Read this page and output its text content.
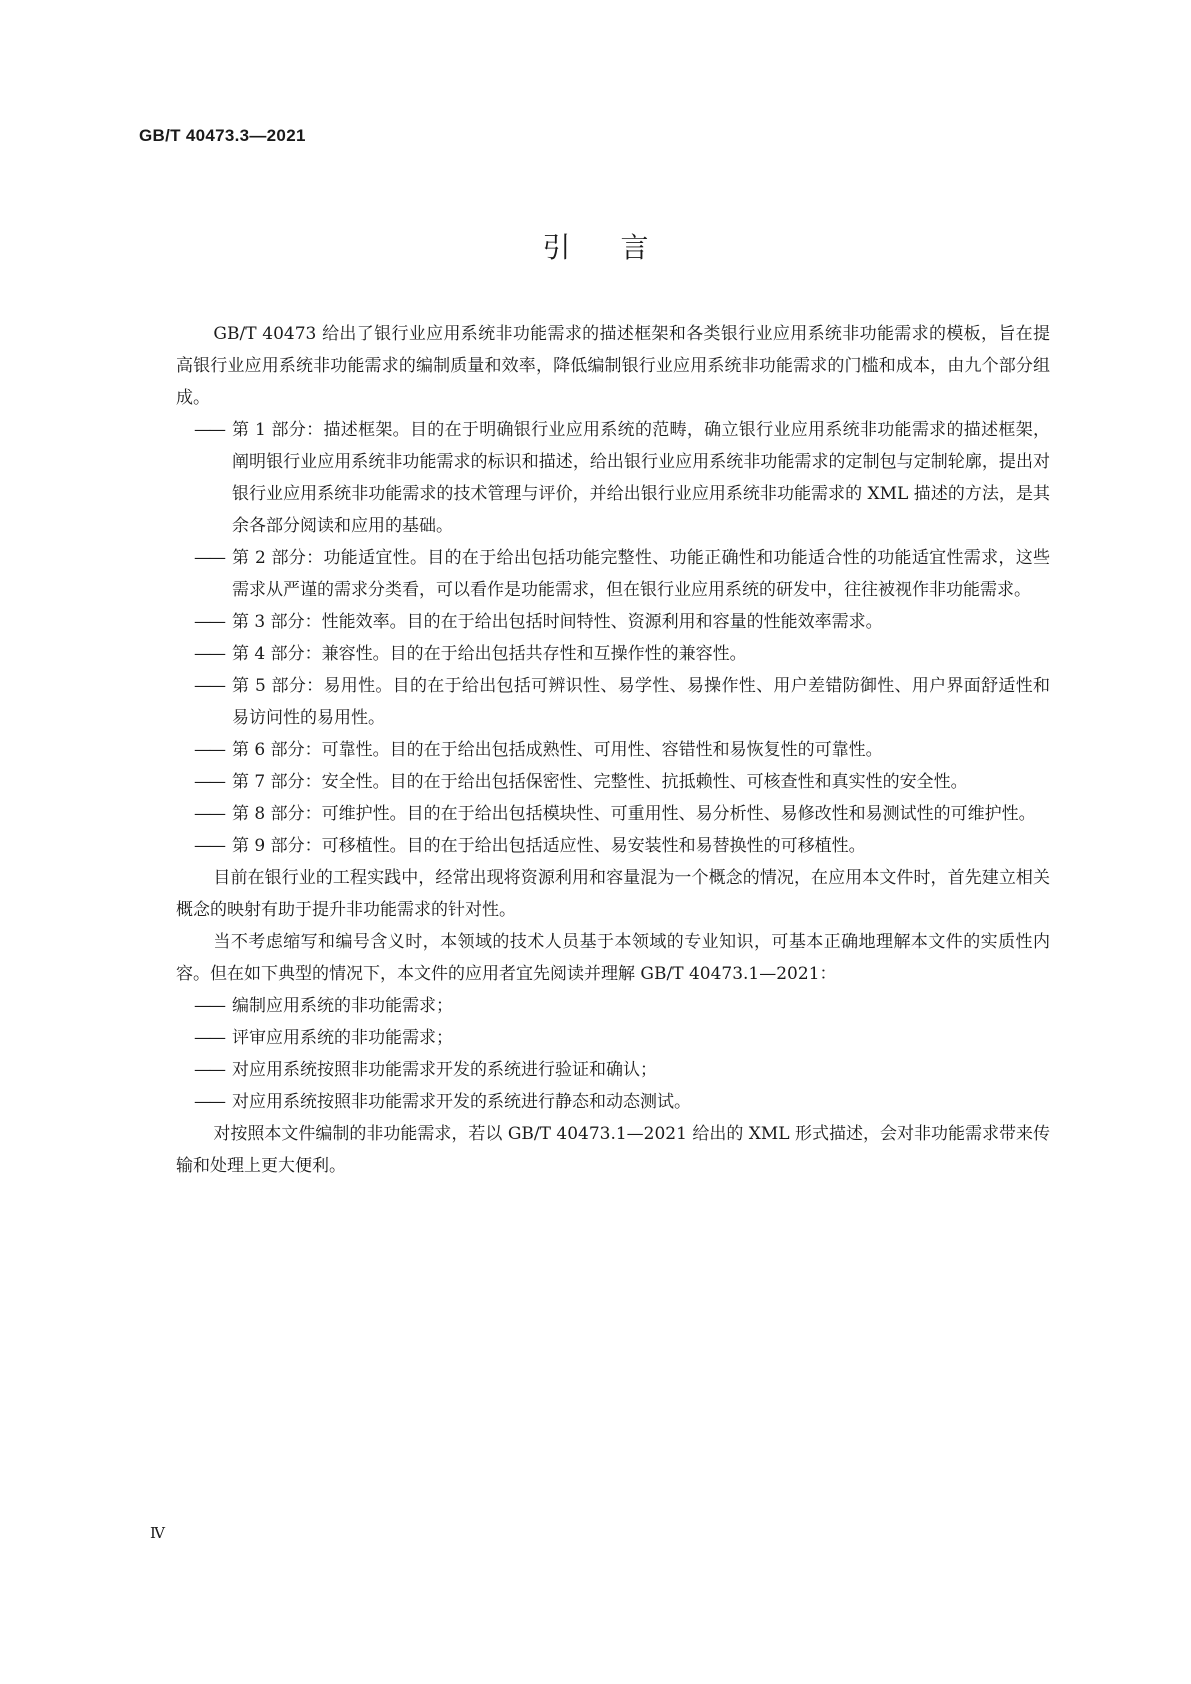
GB/T 40473.3—2021
引言

GB/T 40473 给出了银行业应用系统非功能需求的描述框架和各类银行业应用系统非功能需求的模板，旨在提高银行业应用系统非功能需求的编制质量和效率，降低编制银行业应用系统非功能需求的门槛和成本，由九个部分组成。

—— 第 1 部分：描述框架。目的在于明确银行业应用系统的范畴，确立银行业应用系统非功能需求的描述框架，阐明银行业应用系统非功能需求的标识和描述，给出银行业应用系统非功能需求的定制包与定制轮廓，提出对银行业应用系统非功能需求的技术管理与评价，并给出银行业应用系统非功能需求的 XML 描述的方法，是其余各部分阅读和应用的基础。
—— 第 2 部分：功能适宜性。目的在于给出包括功能完整性、功能正确性和功能适合性的功能适宜性需求，这些需求从严谨的需求分类看，可以看作是功能需求，但在银行业应用系统的研发中，往往被视作非功能需求。
—— 第 3 部分：性能效率。目的在于给出包括时间特性、资源利用和容量的性能效率需求。
—— 第 4 部分：兼容性。目的在于给出包括共存性和互操作性的兼容性。
—— 第 5 部分：易用性。目的在于给出包括可辨识性、易学性、易操作性、用户差错防御性、用户界面舒适性和易访问性的易用性。
—— 第 6 部分：可靠性。目的在于给出包括成熟性、可用性、容错性和易恢复性的可靠性。
—— 第 7 部分：安全性。目的在于给出包括保密性、完整性、抗抵赖性、可核查性和真实性的安全性。
—— 第 8 部分：可维护性。目的在于给出包括模块性、可重用性、易分析性、易修改性和易测试性的可维护性。
—— 第 9 部分：可移植性。目的在于给出包括适应性、易安装性和易替换性的可移植性。

目前在银行业的工程实践中，经常出现将资源利用和容量混为一个概念的情况，在应用本文件时，首先建立相关概念的映射有助于提升非功能需求的针对性。

当不考虑缩写和编号含义时，本领域的技术人员基于本领域的专业知识，可基本正确地理解本文件的实质性内容。但在如下典型的情况下，本文件的应用者宜先阅读并理解 GB/T 40473.1—2021：

—— 编制应用系统的非功能需求；
—— 评审应用系统的非功能需求；
—— 对应用系统按照非功能需求开发的系统进行验证和确认；
—— 对应用系统按照非功能需求开发的系统进行静态和动态测试。

对按照本文件编制的非功能需求，若以 GB/T 40473.1—2021 给出的 XML 形式描述，会对非功能需求带来传输和处理上更大便利。

Ⅳ
